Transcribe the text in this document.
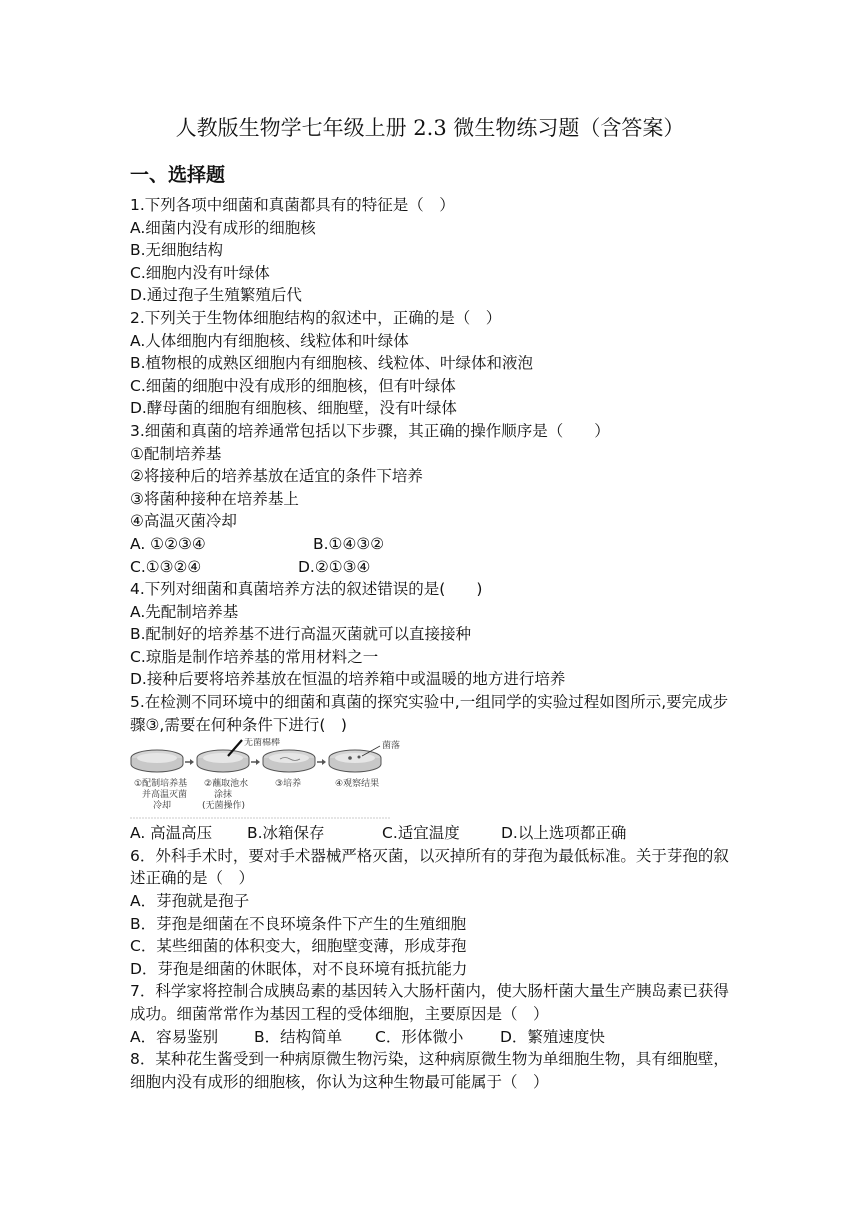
人教版生物学七年级上册 2.3 微生物练习题（含答案）
一、选择题
1.下列各项中细菌和真菌都具有的特征是（　）
A.细菌内没有成形的细胞核
B.无细胞结构
C.细胞内没有叶绿体
D.通过孢子生殖繁殖后代
2.下列关于生物体细胞结构的叙述中，正确的是（　）
A.人体细胞内有细胞核、线粒体和叶绿体
B.植物根的成熟区细胞内有细胞核、线粒体、叶绿体和液泡
C.细菌的细胞中没有成形的细胞核，但有叶绿体
D.酵母菌的细胞有细胞核、细胞壁，没有叶绿体
3.细菌和真菌的培养通常包括以下步骤，其正确的操作顺序是（　　）
①配制培养基
②将接种后的培养基放在适宜的条件下培养
③将菌种接种在培养基上
④高温灭菌冷却
A. ①②③④	B.①④③②
C.①③②④	D.②①③④
4.下列对细菌和真菌培养方法的叙述错误的是(　　)
A.先配制培养基
B.配制好的培养基不进行高温灭菌就可以直接接种
C.琼脂是制作培养基的常用材料之一
D.接种后要将培养基放在恒温的培养箱中或温暖的地方进行培养
5.在检测不同环境中的细菌和真菌的探究实验中,一组同学的实验过程如图所示,要完成步骤③,需要在何种条件下进行(　)
无菌棉棒	菌落
①配制培养基
并高温灭菌
冷却
②蘸取池水
涂抹
(无菌操作)
③培养	④观察结果
A. 高温高压 B.冰箱保存	C.适宜温度	D.以上选项都正确
6．外科手术时，要对手术器械严格灭菌，以灭掉所有的芽孢为最低标准。关于芽孢的叙述正确的是（　）
A．芽孢就是孢子
B．芽孢是细菌在不良环境条件下产生的生殖细胞
C．某些细菌的体积变大，细胞壁变薄，形成芽孢
D．芽孢是细菌的休眠体，对不良环境有抵抗能力
7．科学家将控制合成胰岛素的基因转入大肠杆菌内，使大肠杆菌大量生产胰岛素已获得成功。细菌常常作为基因工程的受体细胞，主要原因是（　）
A．容易鉴别 B．结构简单 C．形体微小 D．繁殖速度快
8．某种花生酱受到一种病原微生物污染，这种病原微生物为单细胞生物，具有细胞壁，细胞内没有成形的细胞核，你认为这种生物最可能属于（　）
